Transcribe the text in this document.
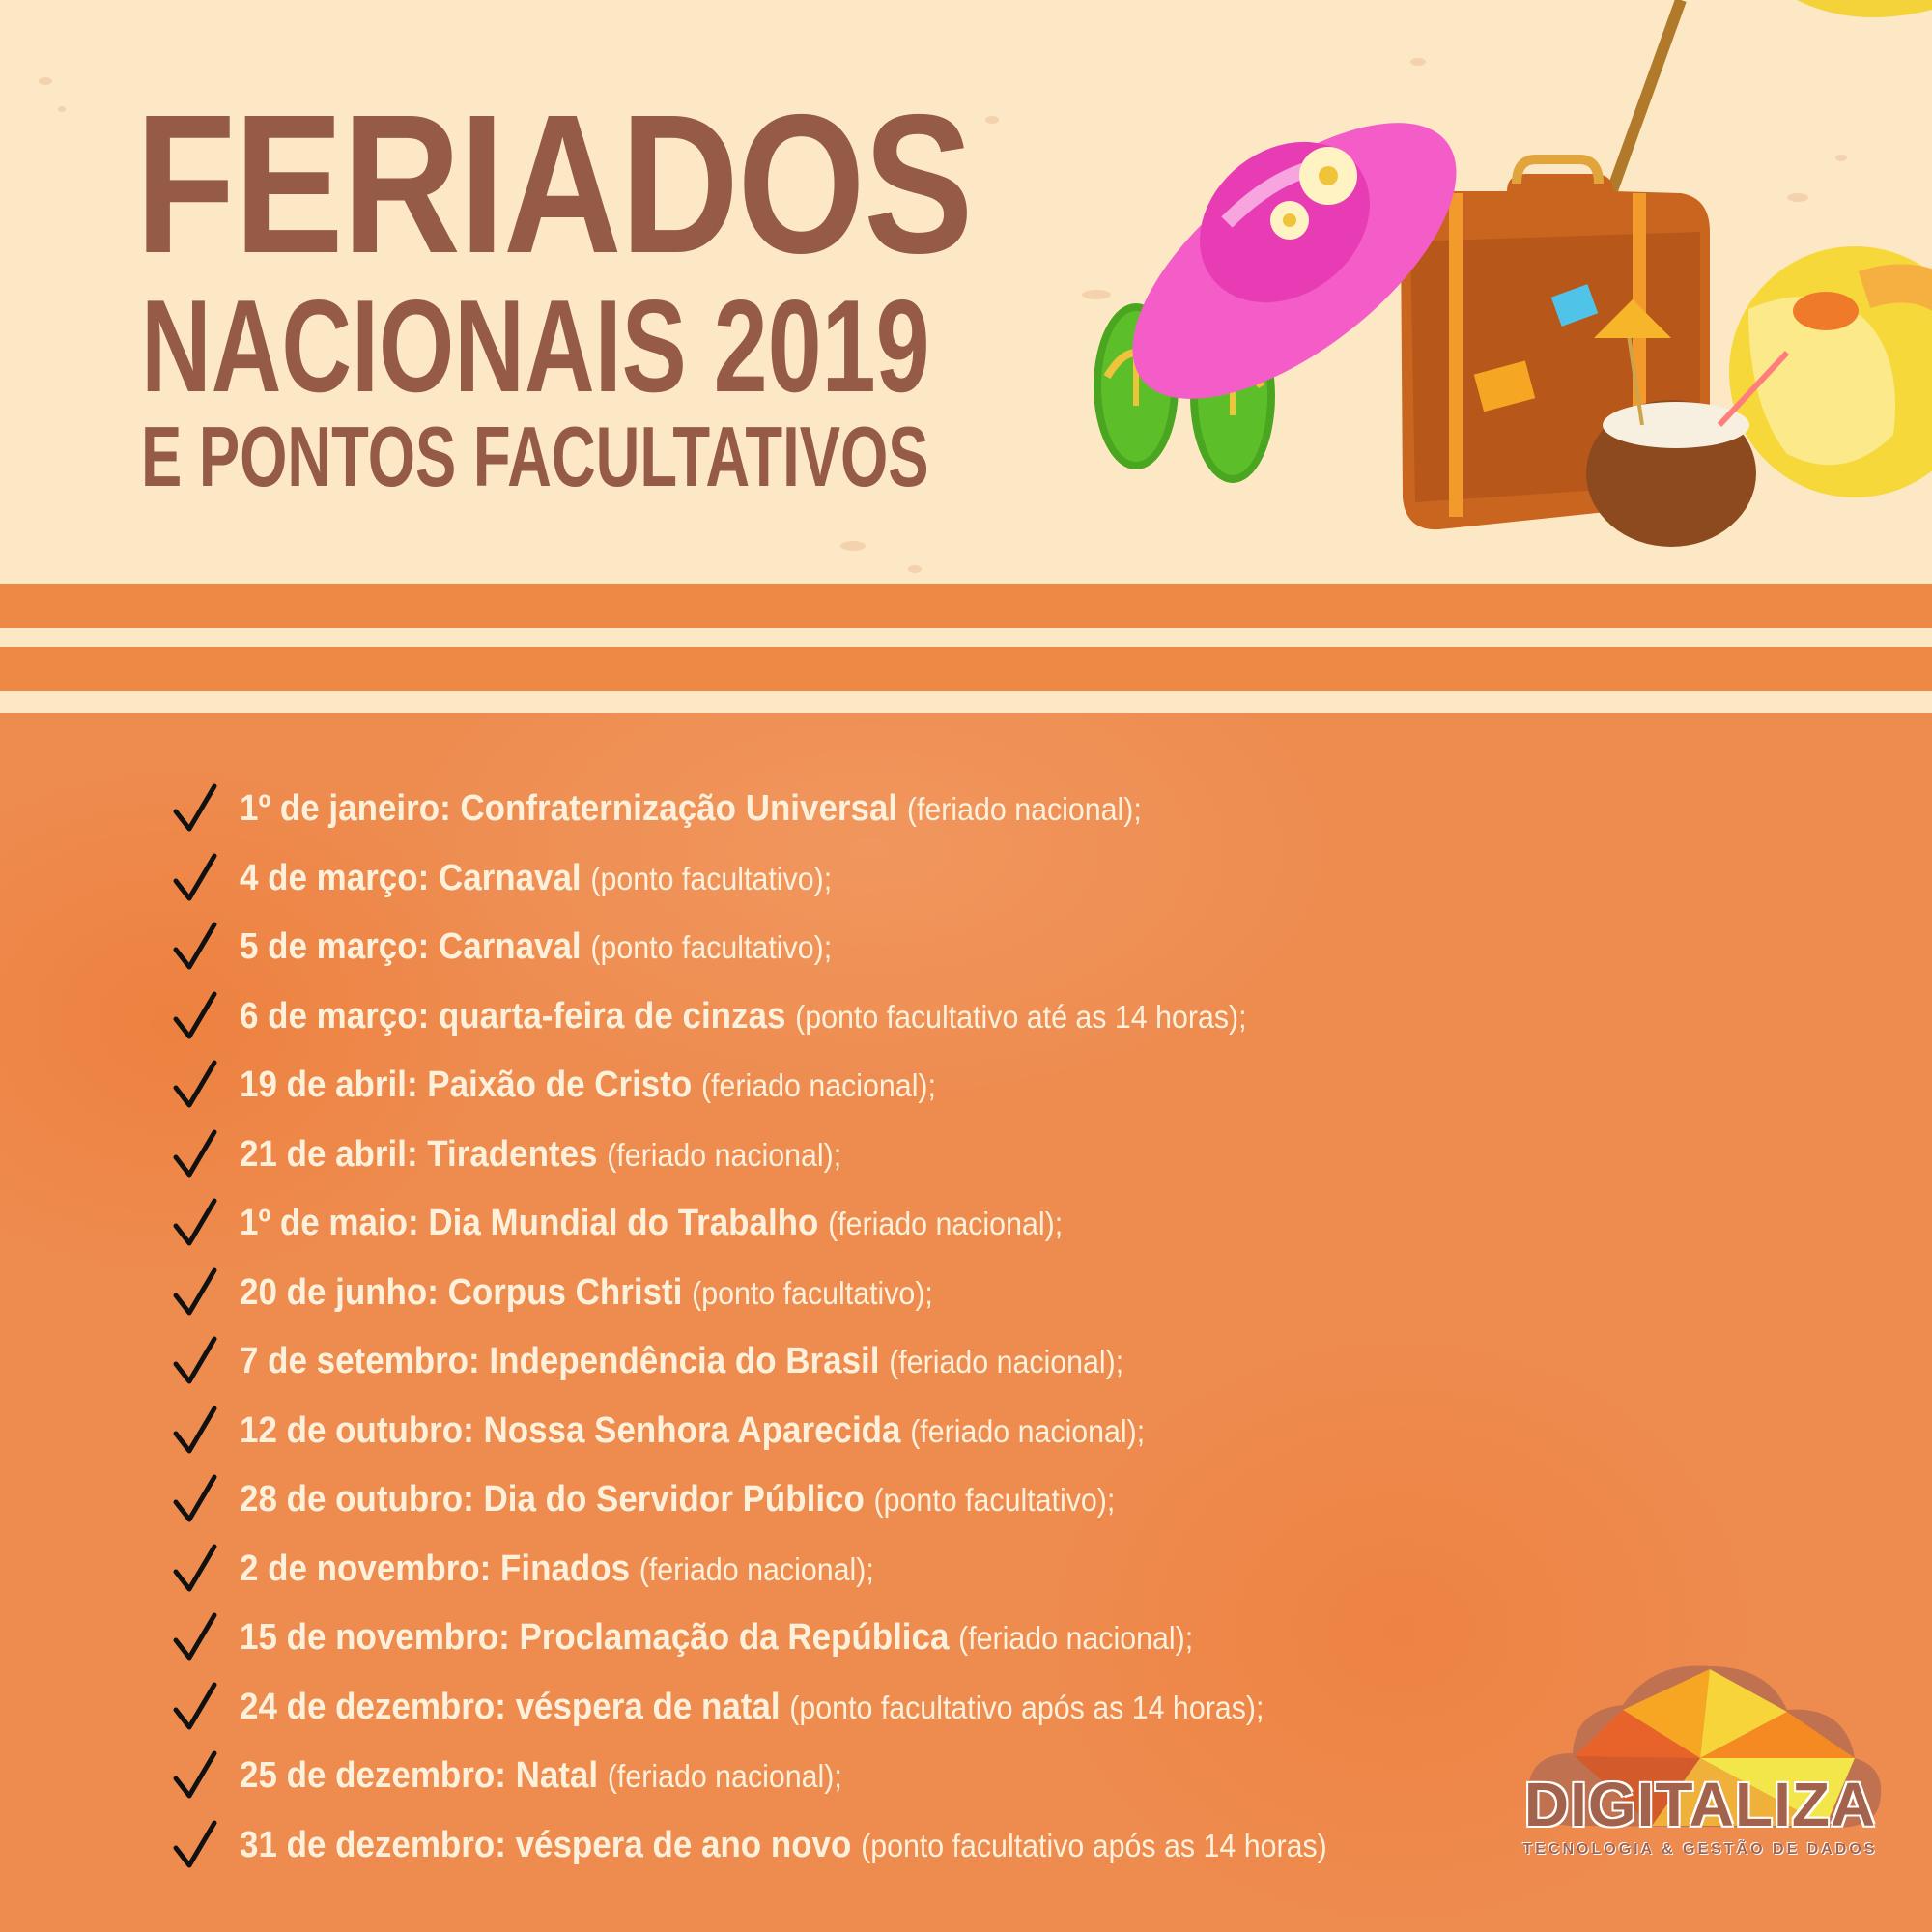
FERIADOS
NACIONAIS 2019
E PONTOS FACULTATIVOS
1º de janeiro: Confraternização Universal (feriado nacional);
4 de março: Carnaval (ponto facultativo);
5 de março: Carnaval (ponto facultativo);
6 de março: quarta-feira de cinzas (ponto facultativo até as 14 horas);
19 de abril: Paixão de Cristo (feriado nacional);
21 de abril: Tiradentes (feriado nacional);
1º de maio: Dia Mundial do Trabalho (feriado nacional);
20 de junho: Corpus Christi (ponto facultativo);
7 de setembro: Independência do Brasil (feriado nacional);
12 de outubro: Nossa Senhora Aparecida (feriado nacional);
28 de outubro: Dia do Servidor Público (ponto facultativo);
2 de novembro: Finados (feriado nacional);
15 de novembro: Proclamação da República (feriado nacional);
24 de dezembro: véspera de natal (ponto facultativo após as 14 horas);
25 de dezembro: Natal (feriado nacional);
31 de dezembro: véspera de ano novo (ponto facultativo após as 14 horas)
DIGITALIZA
TECNOLOGIA & GESTÃO DE DADOS
